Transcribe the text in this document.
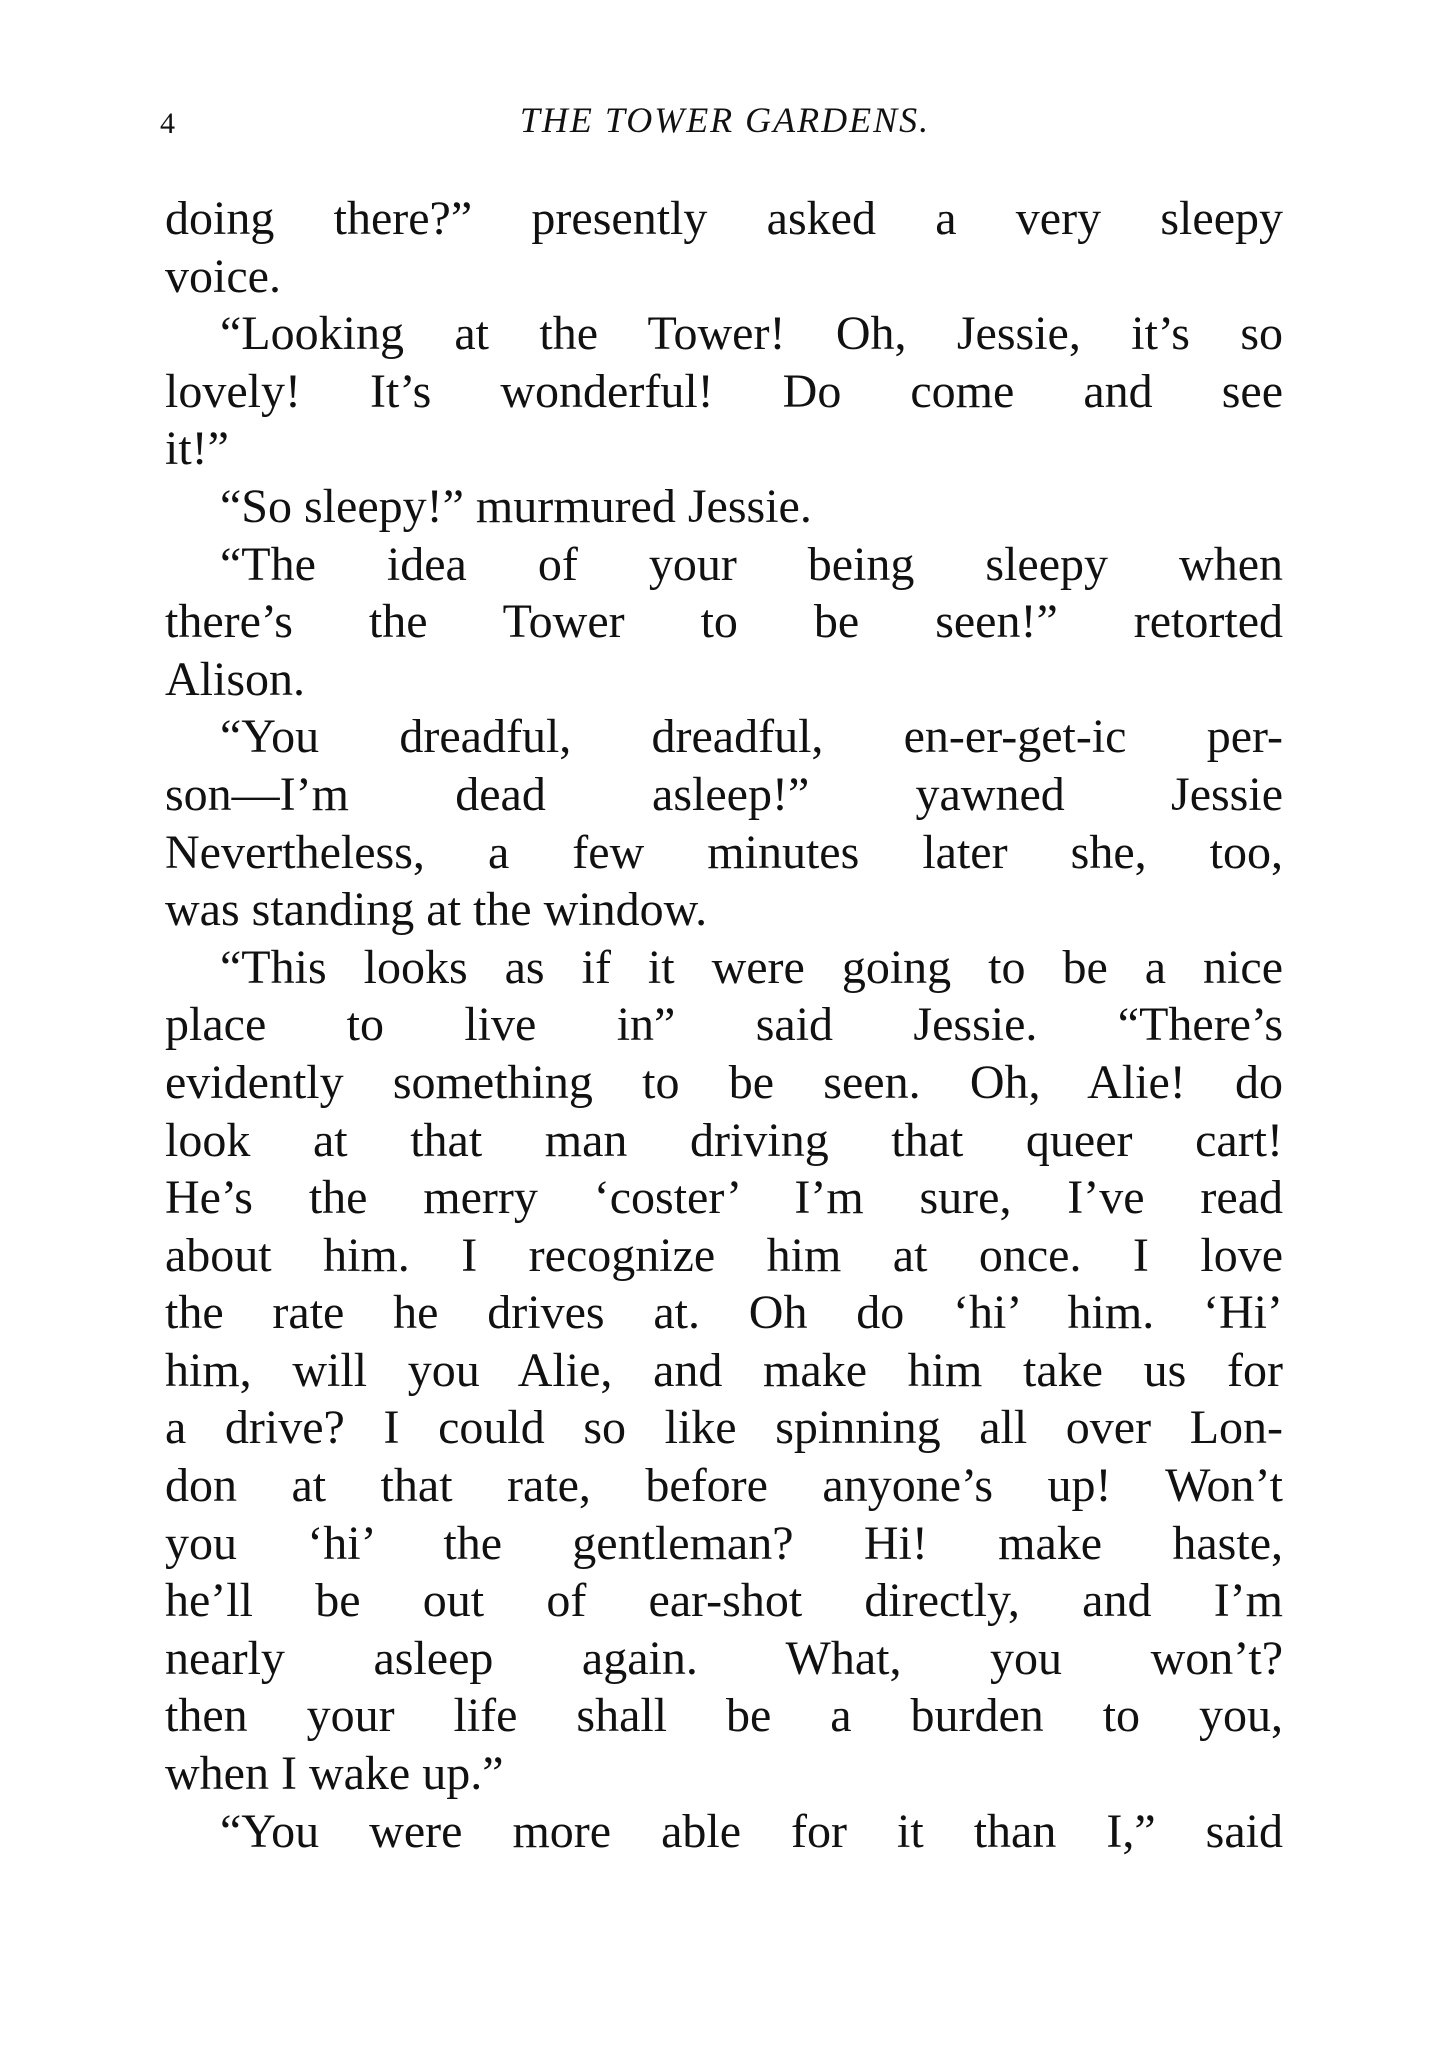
4	THE TOWER GARDENS.
doing there?” presently asked a very sleepy
voice.
“Looking at the Tower! Oh, Jessie, it’s so
lovely! It’s wonderful! Do come and see
it!”
“So sleepy!” murmured Jessie.
“The idea of your being sleepy when
there’s the Tower to be seen!” retorted
Alison.
“You dreadful, dreadful, en-er-get-ic per-
son—I’m dead asleep!” yawned Jessie
Nevertheless, a few minutes later she, too,
was standing at the window.
“This looks as if it were going to be a nice
place to live in” said Jessie. “There’s
evidently something to be seen. Oh, Alie! do
look at that man driving that queer cart!
He’s the merry ‘coster’ I’m sure, I’ve read
about him. I recognize him at once. I love
the rate he drives at. Oh do ‘hi’ him. ‘Hi’
him, will you Alie, and make him take us for
a drive? I could so like spinning all over Lon-
don at that rate, before anyone’s up! Won’t
you ‘hi’ the gentleman? Hi! make haste,
he’ll be out of ear-shot directly, and I’m
nearly asleep again. What, you won’t?
then your life shall be a burden to you,
when I wake up.”
“You were more able for it than I,” said
